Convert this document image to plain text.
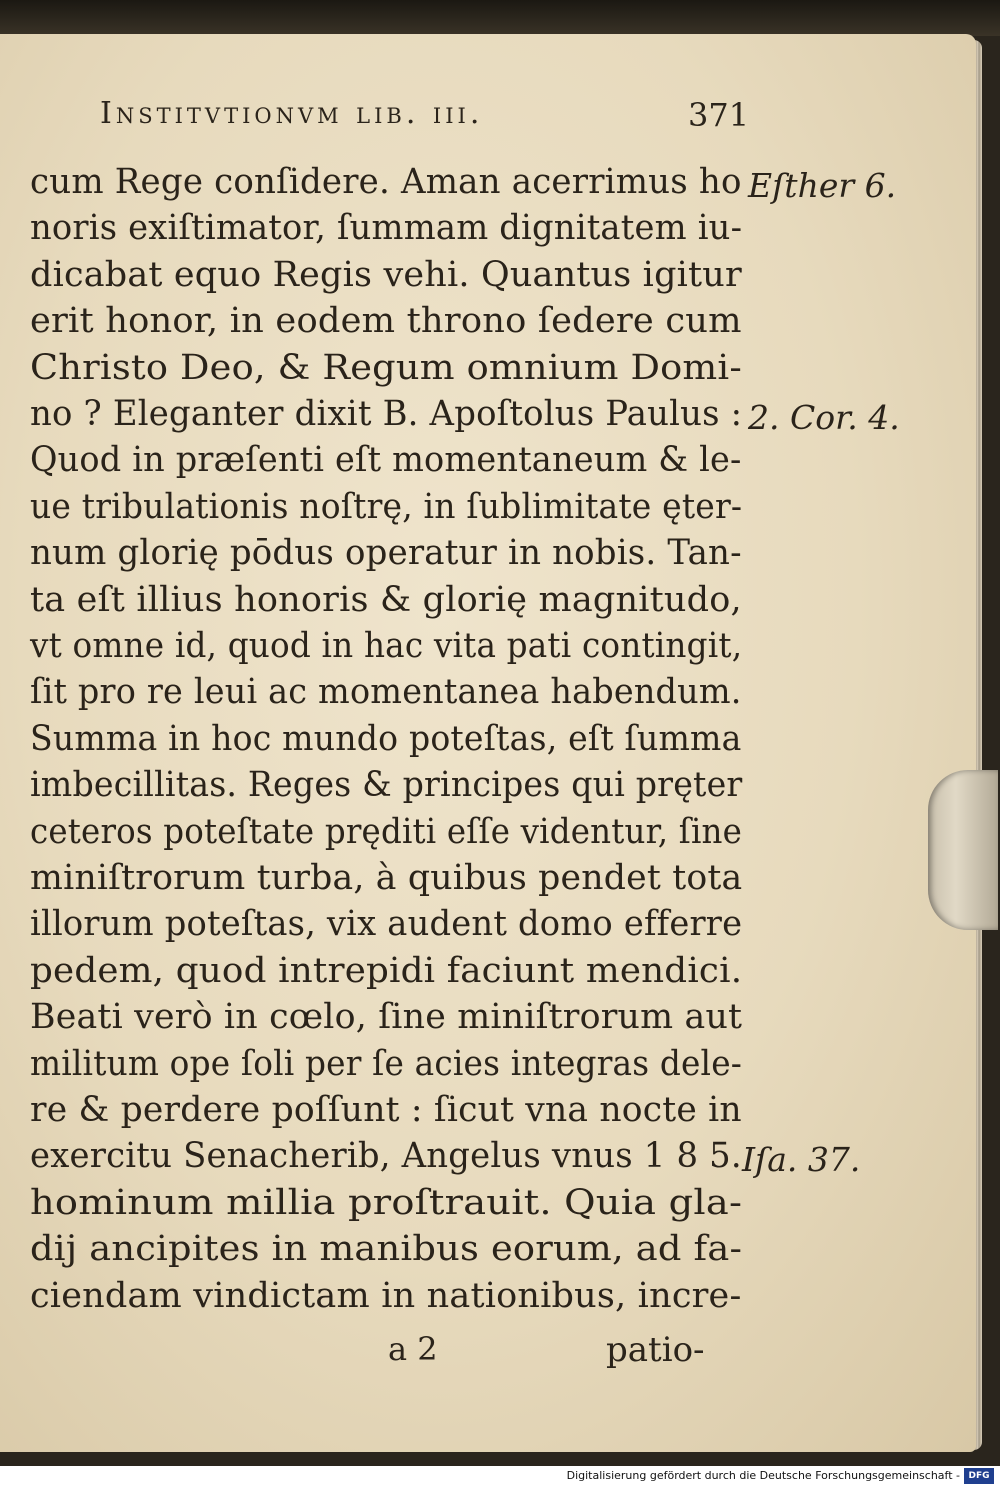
Institvtionvm lib. iii.	371
cum Rege conſidere. Aman acerrimus ho
noris exiſtimator, ſummam dignitatem iu-
dicabat equo Regis vehi. Quantus igitur
erit honor, in eodem throno ſedere cum
Christo Deo, & Regum omnium Domi-
no ? Eleganter dixit B. Apoſtolus Paulus :
Quod in præſenti eſt momentaneum & le-
ue tribulationis noſtrę, in ſublimitate ęter-
num glorię pōdus operatur in nobis. Tan-
ta eſt illius honoris & glorię magnitudo,
vt omne id, quod in hac vita pati contingit,
ſit pro re leui ac momentanea habendum.
Summa in hoc mundo poteſtas, eſt ſumma
imbecillitas. Reges & principes qui pręter
ceteros poteſtate pręditi eſſe videntur, ſine
miniſtrorum turba, à quibus pendet tota
illorum poteſtas, vix audent domo efferre
pedem, quod intrepidi faciunt mendici.
Beati verò in cœlo, ſine miniſtrorum aut
militum ope ſoli per ſe acies integras dele-
re & perdere poſſunt : ſicut vna nocte in
exercitu Senacherib, Angelus vnus 1 8 5.
hominum millia proſtrauit. Quia gla-
dij ancipites in manibus eorum, ad fa-
ciendam vindictam in nationibus, incre-
Eſther 6.
2. Cor. 4.
Iſa. 37.
a 2	patio-
Digitalisierung gefördert durch die Deutsche Forschungsgemeinschaft - DFG
